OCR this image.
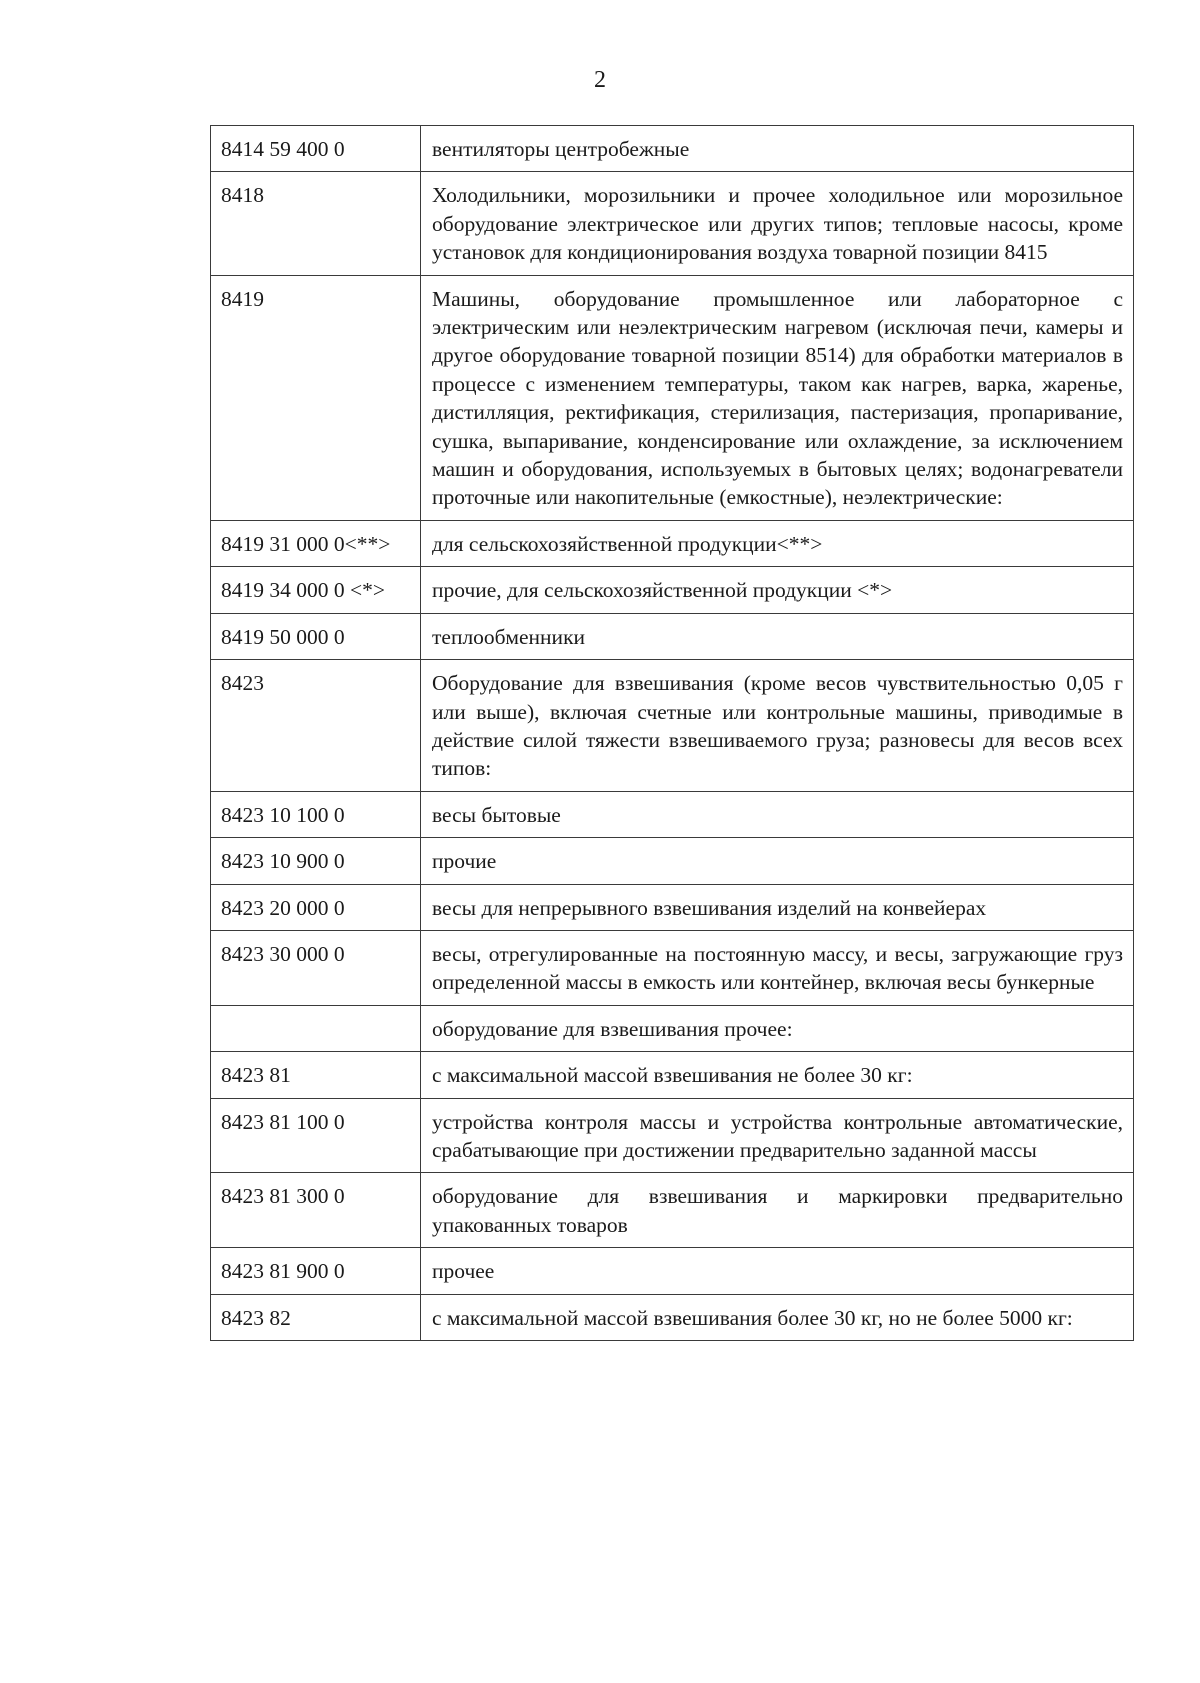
2
8414 59 400 0	вентиляторы центробежные
8418	Холодильники, морозильники и прочее холодильное или морозильное оборудование электрическое или других типов; тепловые насосы, кроме установок для кондиционирования воздуха товарной позиции 8415
8419	Машины, оборудование промышленное или лабораторное с электрическим или неэлектрическим нагревом (исключая печи, камеры и другое оборудование товарной позиции 8514) для обработки материалов в процессе с изменением температуры, таком как нагрев, варка, жаренье, дистилляция, ректификация, стерилизация, пастеризация, пропаривание, сушка, выпаривание, конденсирование или охлаждение, за исключением машин и оборудования, используемых в бытовых целях; водонагреватели проточные или накопительные (емкостные), неэлектрические:
8419 31 000 0<**>	для сельскохозяйственной продукции<**>
8419 34 000 0 <*>	прочие, для сельскохозяйственной продукции <*>
8419 50 000 0	теплообменники
8423	Оборудование для взвешивания (кроме весов чувствительностью 0,05 г или выше), включая счетные или контрольные машины, приводимые в действие силой тяжести взвешиваемого груза; разновесы для весов всех типов:
8423 10 100 0	весы бытовые
8423 10 900 0	прочие
8423 20 000 0	весы для непрерывного взвешивания изделий на конвейерах
8423 30 000 0	весы, отрегулированные на постоянную массу, и весы, загружающие груз определенной массы в емкость или контейнер, включая весы бункерные
	оборудование для взвешивания прочее:
8423 81	с максимальной массой взвешивания не более 30 кг:
8423 81 100 0	устройства контроля массы и устройства контрольные автоматические, срабатывающие при достижении предварительно заданной массы
8423 81 300 0	оборудование для взвешивания и маркировки предварительно упакованных товаров
8423 81 900 0	прочее
8423 82	с максимальной массой взвешивания более 30 кг, но не более 5000 кг:
